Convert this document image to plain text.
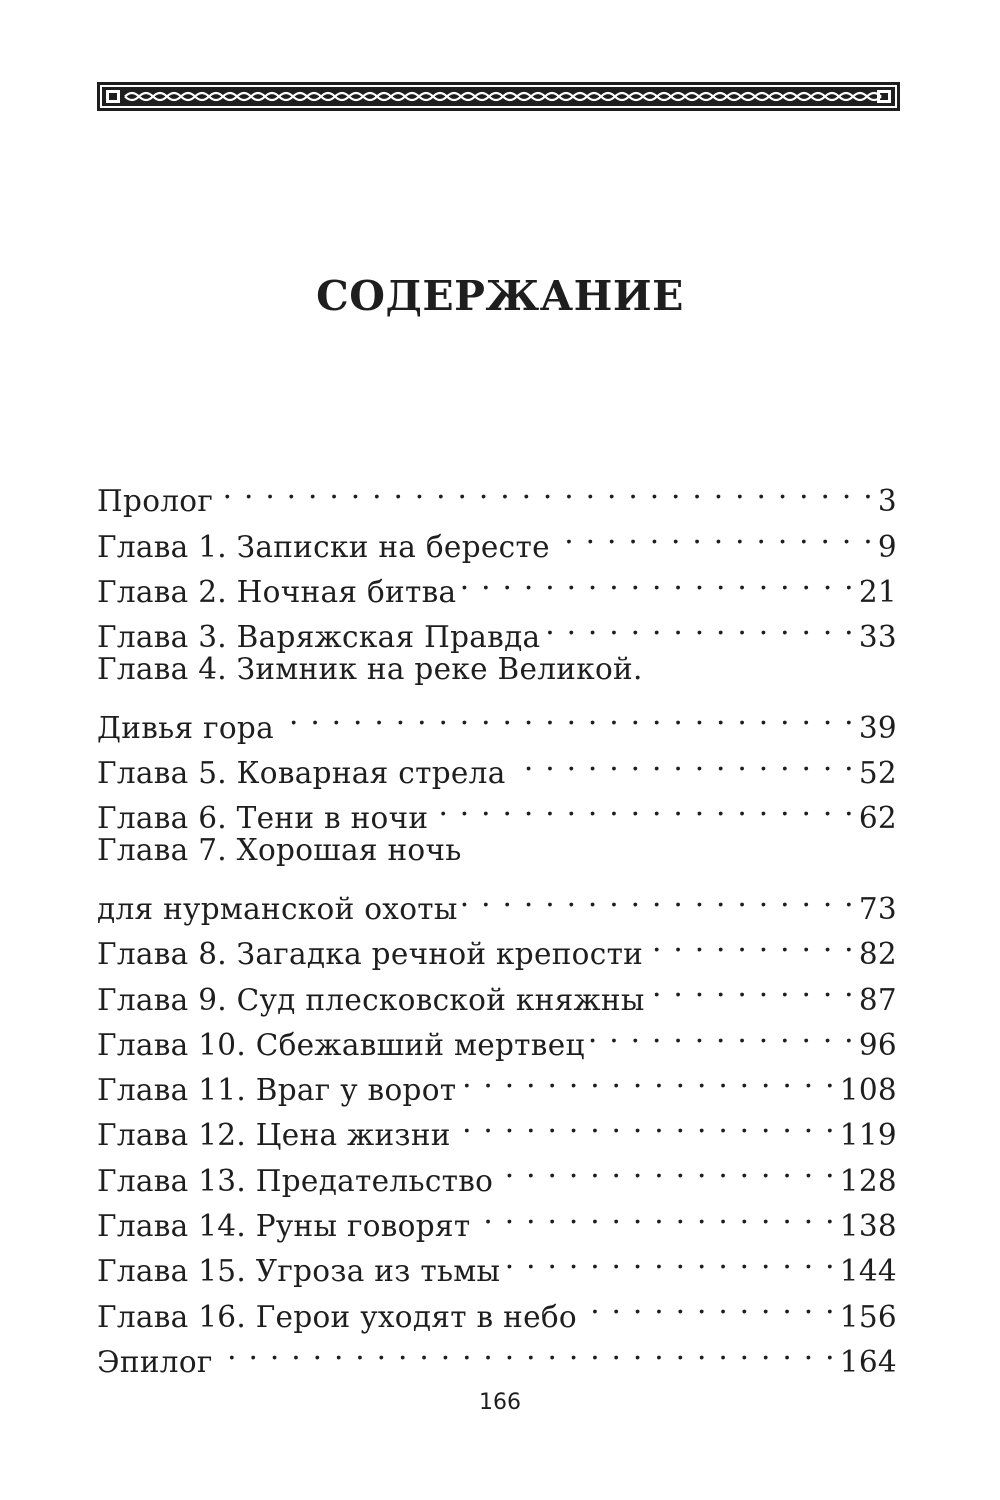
СОДЕРЖАНИЕ
Пролог . . .	3
Глава 1. Записки на бересте . . .	9
Глава 2. Ночная битва . . .	21
Глава 3. Варяжская Правда . . .	33
Глава 4. Зимник на реке Великой.
Дивья гора . . .	39
Глава 5. Коварная стрела . . .	52
Глава 6. Тени в ночи . . .	62
Глава 7. Хорошая ночь
для нурманской охоты . . .	73
Глава 8. Загадка речной крепости . . .	82
Глава 9. Суд плесковской княжны . . .	87
Глава 10. Сбежавший мертвец . . .	96
Глава 11. Враг у ворот . . .	108
Глава 12. Цена жизни . . .	119
Глава 13. Предательство . . .	128
Глава 14. Руны говорят . . .	138
Глава 15. Угроза из тьмы . . .	144
Глава 16. Герои уходят в небо . . .	156
Эпилог . . .	164
166
